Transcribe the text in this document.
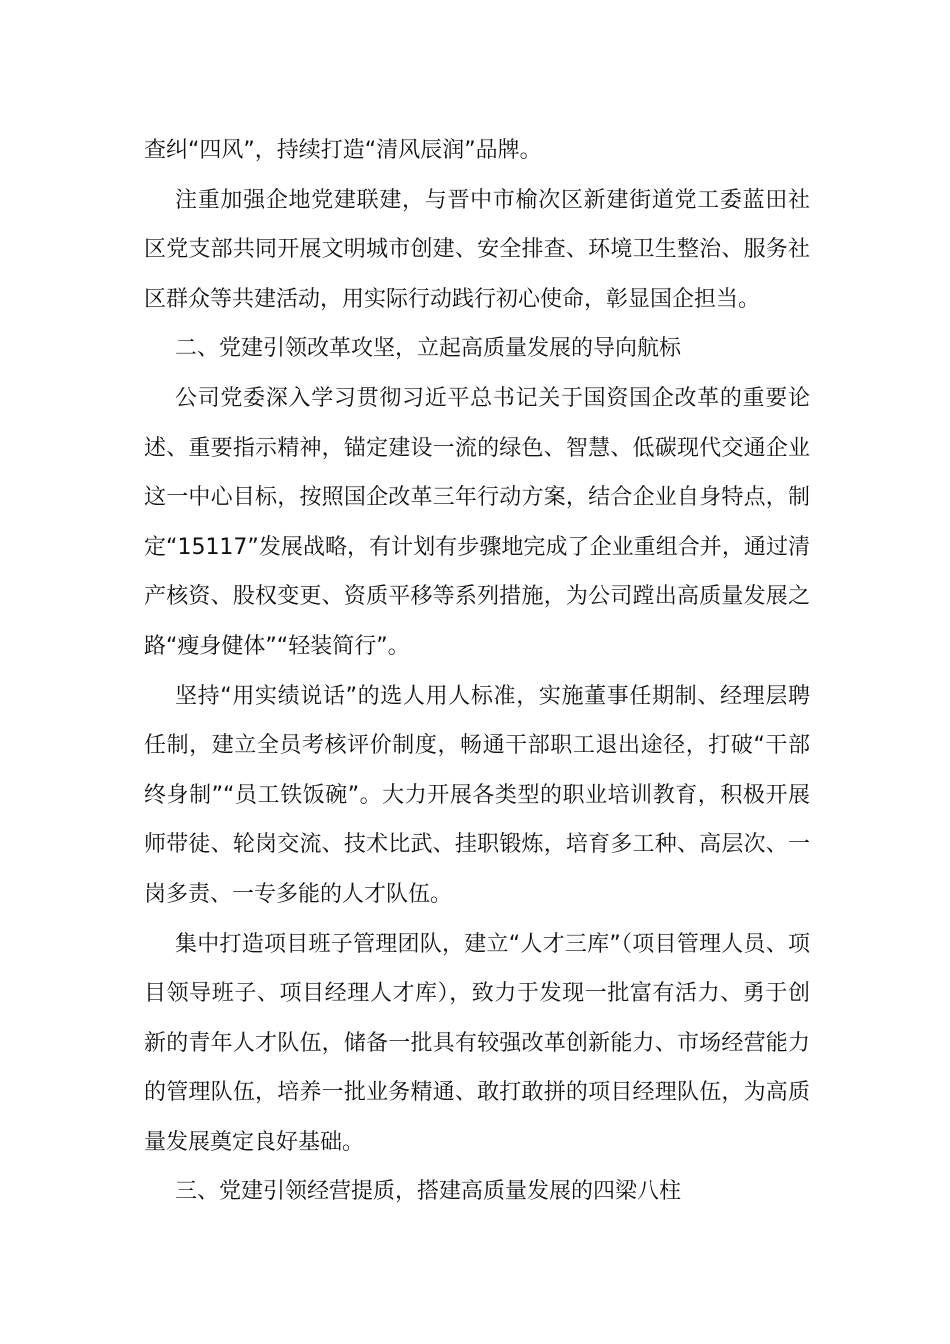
查纠“四风”，持续打造“清风辰润”品牌。

注重加强企地党建联建，与晋中市榆次区新建街道党工委蓝田社区党支部共同开展文明城市创建、安全排查、环境卫生整治、服务社区群众等共建活动，用实际行动践行初心使命，彰显国企担当。

二、党建引领改革攻坚，立起高质量发展的导向航标

公司党委深入学习贯彻习近平总书记关于国资国企改革的重要论述、重要指示精神，锚定建设一流的绿色、智慧、低碳现代交通企业这一中心目标，按照国企改革三年行动方案，结合企业自身特点，制定“15117”发展战略，有计划有步骤地完成了企业重组合并，通过清产核资、股权变更、资质平移等系列措施，为公司蹚出高质量发展之路“瘦身健体”“轻装简行”。

坚持“用实绩说话”的选人用人标准，实施董事任期制、经理层聘任制，建立全员考核评价制度，畅通干部职工退出途径，打破“干部终身制”“员工铁饭碗”。大力开展各类型的职业培训教育，积极开展师带徒、轮岗交流、技术比武、挂职锻炼，培育多工种、高层次、一岗多责、一专多能的人才队伍。

集中打造项目班子管理团队，建立“人才三库”（项目管理人员、项目领导班子、项目经理人才库），致力于发现一批富有活力、勇于创新的青年人才队伍，储备一批具有较强改革创新能力、市场经营能力的管理队伍，培养一批业务精通、敢打敢拼的项目经理队伍，为高质量发展奠定良好基础。

三、党建引领经营提质，搭建高质量发展的四梁八柱
